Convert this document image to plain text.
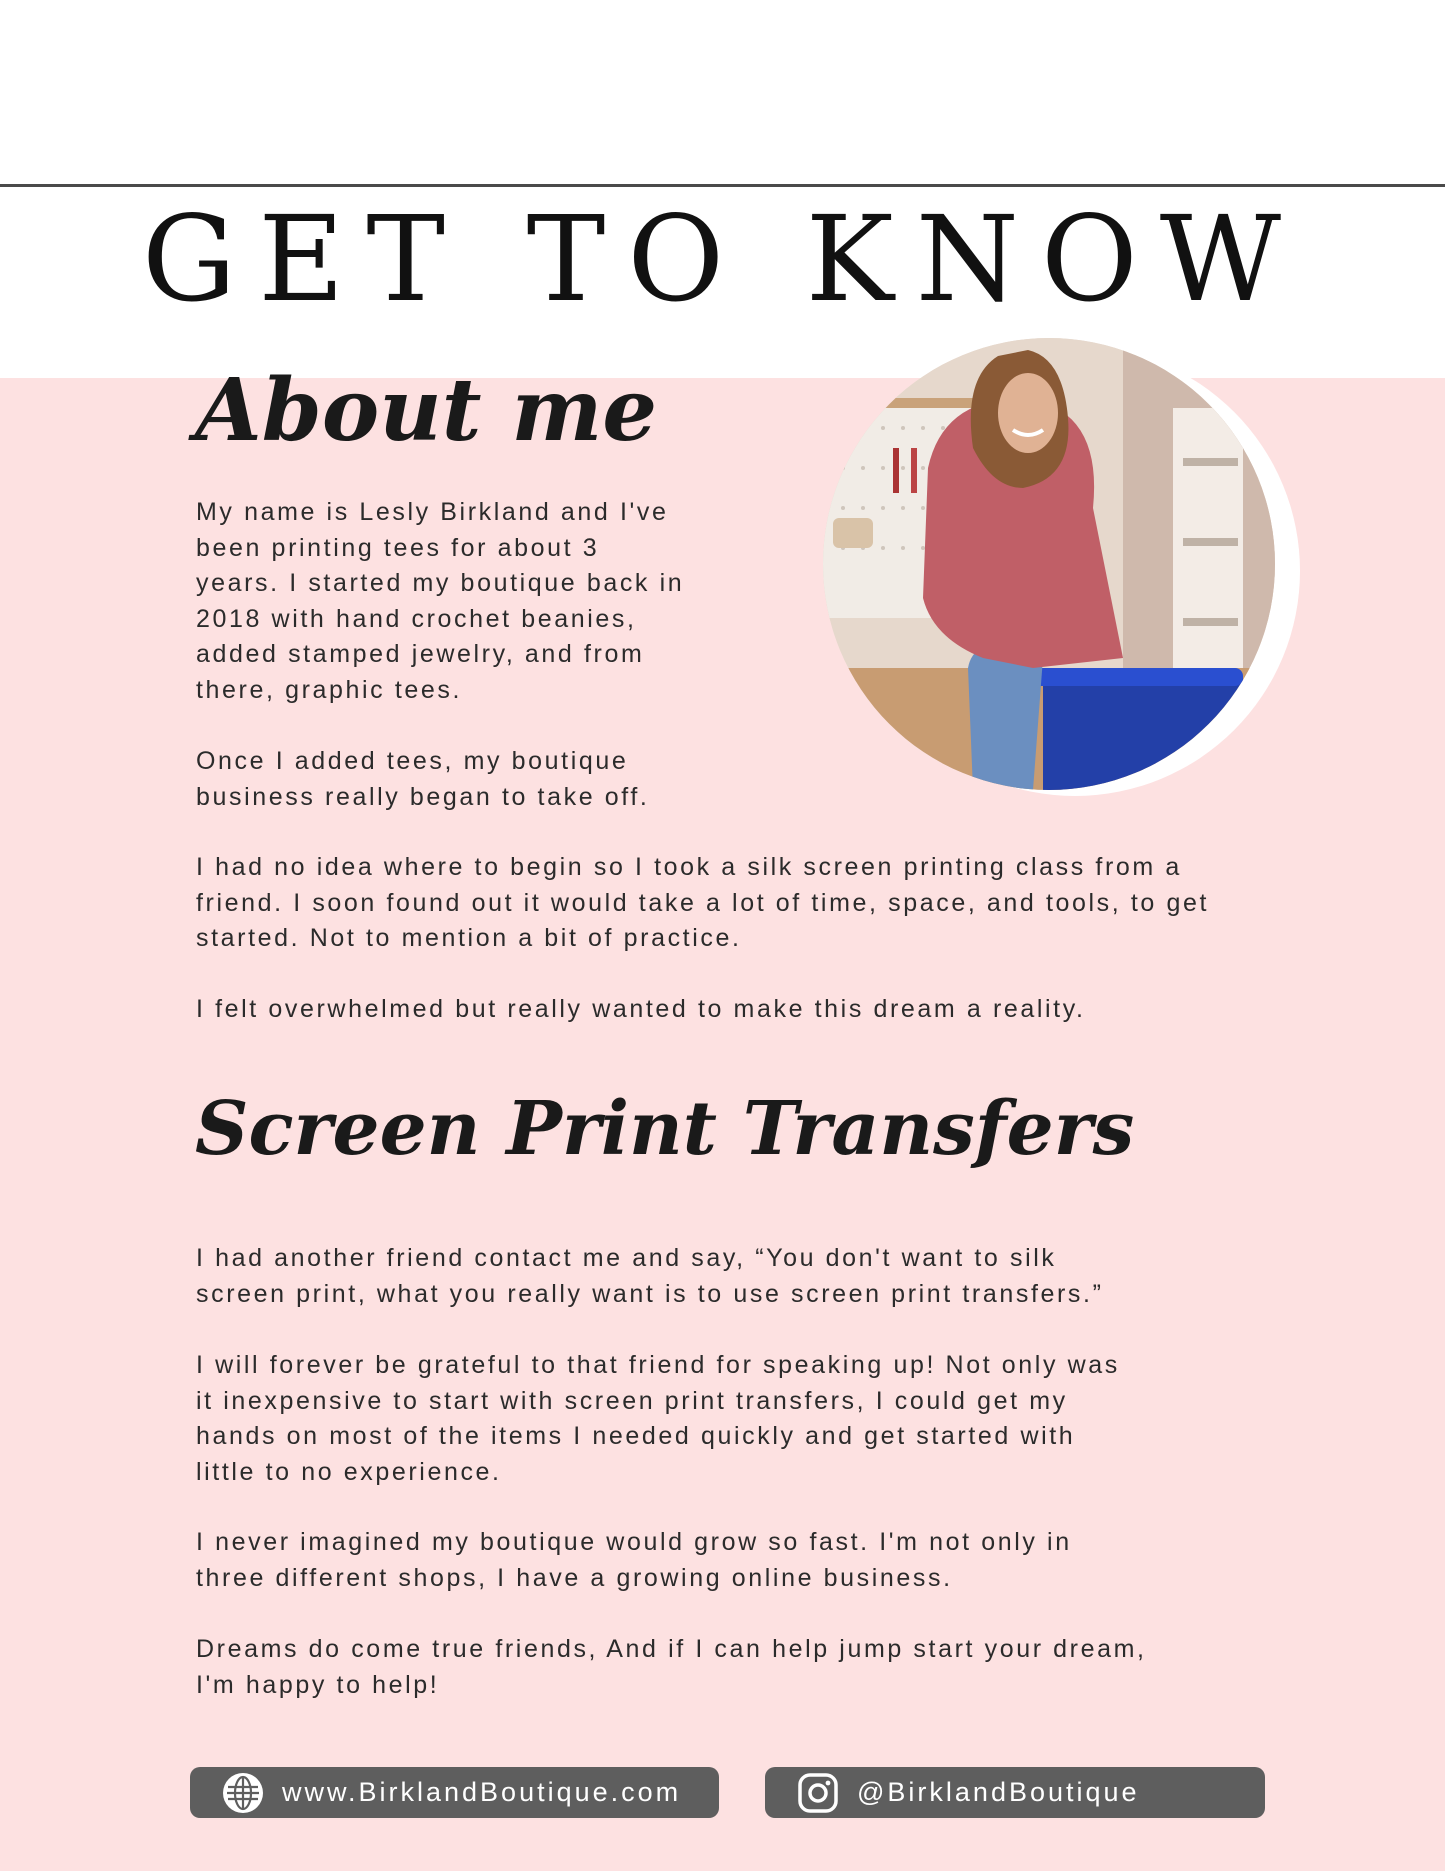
GET TO KNOW
About me

My name is Lesly Birkland and I've
been printing tees for about 3
years. I started my boutique back in
2018 with hand crochet beanies,
added stamped jewelry, and from
there, graphic tees.

Once I added tees, my boutique
business really began to take off.

I had no idea where to begin so I took a silk screen printing class from a
friend. I soon found out it would take a lot of time, space, and tools, to get
started. Not to mention a bit of practice.

I felt overwhelmed but really wanted to make this dream a reality.

Screen Print Transfers

I had another friend contact me and say, “You don't want to silk
screen print, what you really want is to use screen print transfers.”

I will forever be grateful to that friend for speaking up! Not only was
it inexpensive to start with screen print transfers, I could get my
hands on most of the items I needed quickly and get started with
little to no experience.

I never imagined my boutique would grow so fast. I'm not only in
three different shops, I have a growing online business.

Dreams do come true friends, And if I can help jump start your dream,
I'm happy to help!

www.BirklandBoutique.com	@BirklandBoutique
